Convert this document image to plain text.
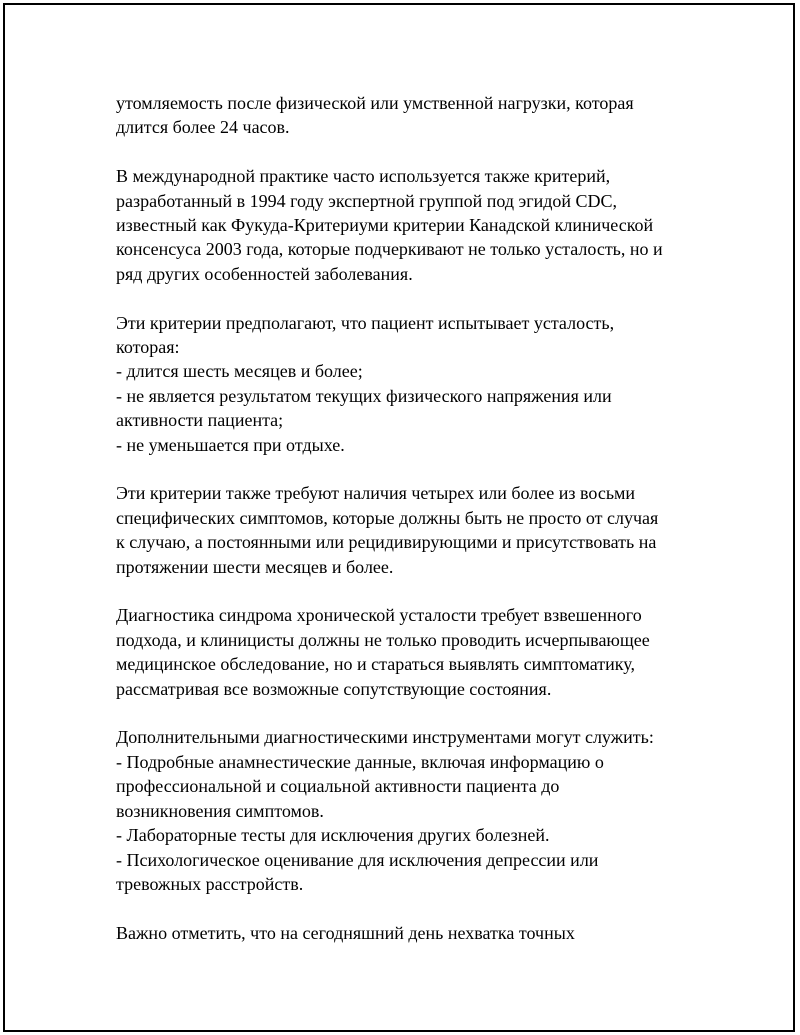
утомляемость после физической или умственной нагрузки, которая
длится более 24 часов.
В международной практике часто используется также критерий,
разработанный в 1994 году экспертной группой под эгидой CDC,
известный как Фукуда-Критериуми критерии Канадской клинической
консенсуса 2003 года, которые подчеркивают не только усталость, но и
ряд других особенностей заболевания.
Эти критерии предполагают, что пациент испытывает усталость,
которая:
- длится шесть месяцев и более;
- не является результатом текущих физического напряжения или
активности пациента;
- не уменьшается при отдыхе.
Эти критерии также требуют наличия четырех или более из восьми
специфических симптомов, которые должны быть не просто от случая
к случаю, а постоянными или рецидивирующими и присутствовать на
протяжении шести месяцев и более.
Диагностика синдрома хронической усталости требует взвешенного
подхода, и клиницисты должны не только проводить исчерпывающее
медицинское обследование, но и стараться выявлять симптоматику,
рассматривая все возможные сопутствующие состояния.
Дополнительными диагностическими инструментами могут служить:
- Подробные анамнестические данные, включая информацию о
профессиональной и социальной активности пациента до
возникновения симптомов.
- Лабораторные тесты для исключения других болезней.
- Психологическое оценивание для исключения депрессии или
тревожных расстройств.
Важно отметить, что на сегодняшний день нехватка точных
